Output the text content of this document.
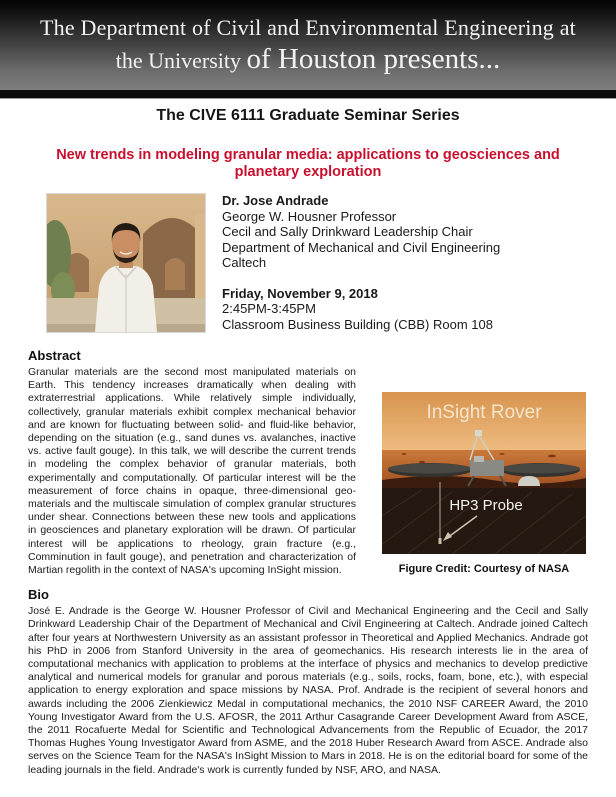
The Department of Civil and Environmental Engineering at
the University of Houston presents...
The CIVE 6111 Graduate Seminar Series
New trends in modeling granular media: applications to geosciences and planetary exploration
Dr. Jose Andrade
George W. Housner Professor
Cecil and Sally Drinkward Leadership Chair
Department of Mechanical and Civil Engineering
Caltech
Friday, November 9, 2018
2:45PM-3:45PM
Classroom Business Building (CBB) Room 108
Abstract
Granular materials are the second most manipulated materials on Earth. This tendency increases dramatically when dealing with extraterrestrial applications. While relatively simple individually, collectively, granular materials exhibit complex mechanical behavior and are known for fluctuating between solid- and fluid-like behavior, depending on the situation (e.g., sand dunes vs. avalanches, inactive vs. active fault gouge). In this talk, we will describe the current trends in modeling the complex behavior of granular materials, both experimentally and computationally. Of particular interest will be the measurement of force chains in opaque, three-dimensional geo-materials and the multiscale simulation of complex granular structures under shear. Connections between these new tools and applications in geosciences and planetary exploration will be drawn. Of particular interest will be applications to rheology, grain fracture (e.g., Comminution in fault gouge), and penetration and characterization of Martian regolith in the context of NASA's upcoming InSight mission.
InSight Rover
HP3 Probe
Figure Credit: Courtesy of NASA
Bio
José E. Andrade is the George W. Housner Professor of Civil and Mechanical Engineering and the Cecil and Sally Drinkward Leadership Chair of the Department of Mechanical and Civil Engineering at Caltech. Andrade joined Caltech after four years at Northwestern University as an assistant professor in Theoretical and Applied Mechanics. Andrade got his PhD in 2006 from Stanford University in the area of geomechanics. His research interests lie in the area of computational mechanics with application to problems at the interface of physics and mechanics to develop predictive analytical and numerical models for granular and porous materials (e.g., soils, rocks, foam, bone, etc.), with especial application to energy exploration and space missions by NASA. Prof. Andrade is the recipient of several honors and awards including the 2006 Zienkiewicz Medal in computational mechanics, the 2010 NSF CAREER Award, the 2010 Young Investigator Award from the U.S. AFOSR, the 2011 Arthur Casagrande Career Development Award from ASCE, the 2011 Rocafuerte Medal for Scientific and Technological Advancements from the Republic of Ecuador, the 2017 Thomas Hughes Young Investigator Award from ASME, and the 2018 Huber Research Award from ASCE. Andrade also serves on the Science Team for the NASA's InSight Mission to Mars in 2018. He is on the editorial board for some of the leading journals in the field. Andrade's work is currently funded by NSF, ARO, and NASA.
